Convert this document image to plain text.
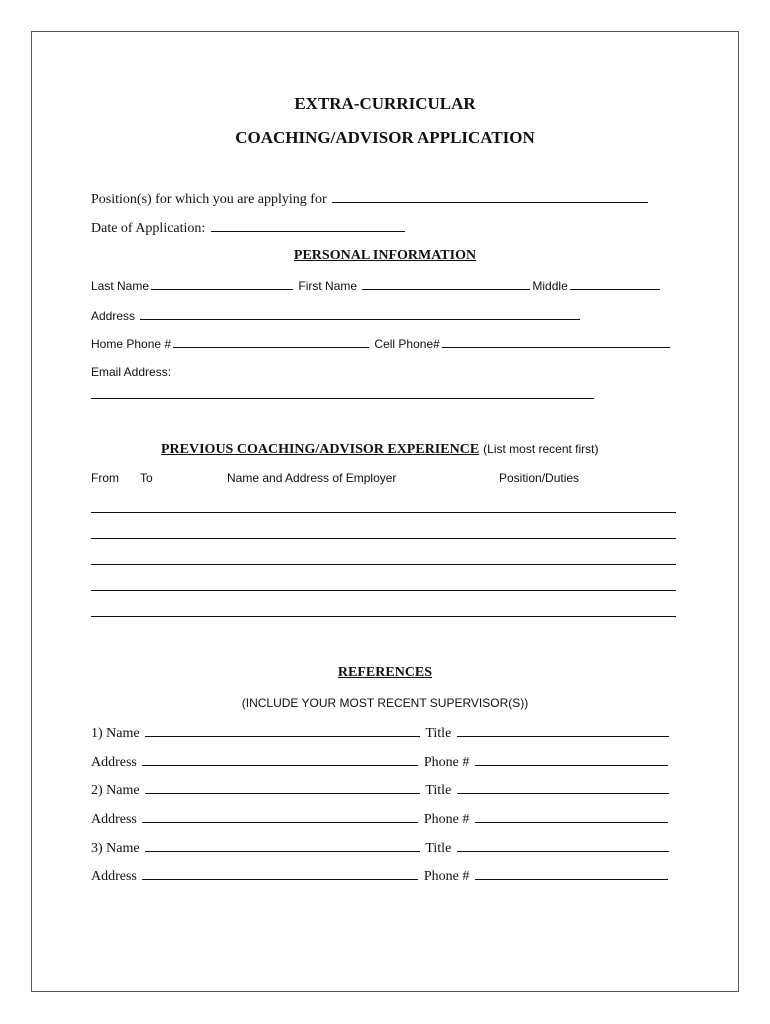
EXTRA-CURRICULAR
COACHING/ADVISOR APPLICATION
Position(s) for which you are applying for
Date of Application:
PERSONAL INFORMATION
Last Name	First Name	Middle
Address
Home Phone #	Cell Phone#
Email Address:
PREVIOUS COACHING/ADVISOR EXPERIENCE (List most recent first)
From To	Name and Address of Employer	Position/Duties
REFERENCES
(INCLUDE YOUR MOST RECENT SUPERVISOR(S))
1) Name	Title
Address	Phone #
2) Name	Title
Address	Phone #
3) Name	Title
Address	Phone #
